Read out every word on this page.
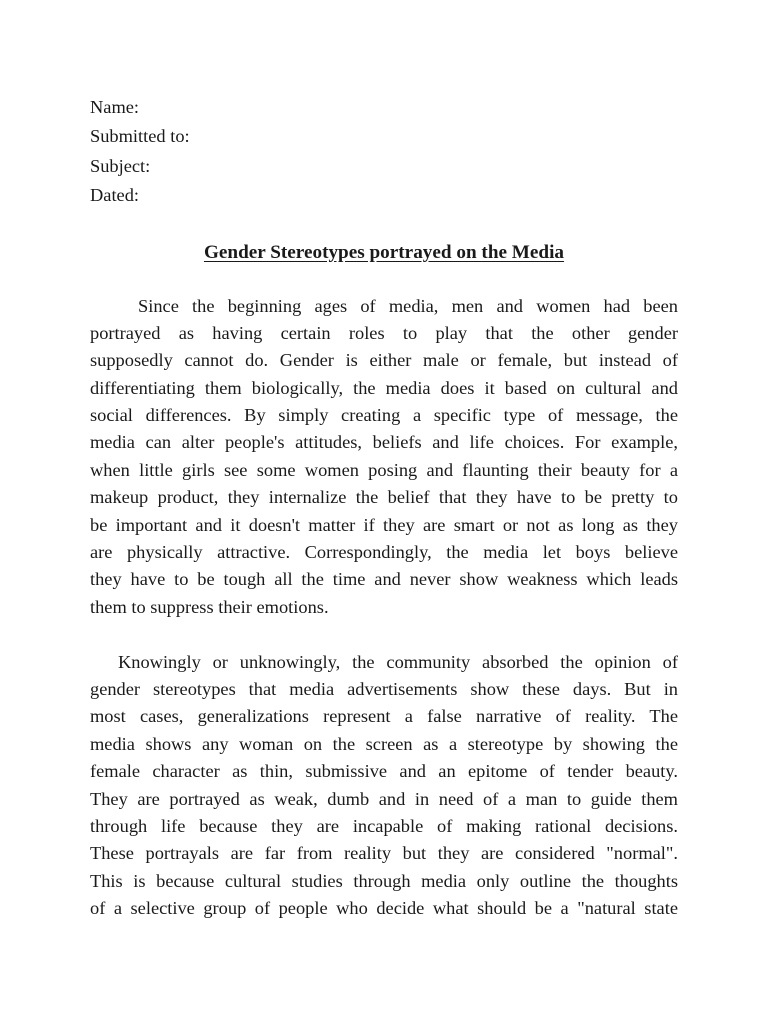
Name:
Submitted to:
Subject:
Dated:
Gender Stereotypes portrayed on the Media
Since the beginning ages of media, men and women had been
portrayed as having certain roles to play that the other gender
supposedly cannot do. Gender is either male or female, but instead of
differentiating them biologically, the media does it based on cultural and
social differences. By simply creating a specific type of message, the
media can alter people's attitudes, beliefs and life choices. For example,
when little girls see some women posing and flaunting their beauty for a
makeup product, they internalize the belief that they have to be pretty to
be important and it doesn't matter if they are smart or not as long as they
are physically attractive. Correspondingly, the media let boys believe
they have to be tough all the time and never show weakness which leads
them to suppress their emotions.
Knowingly or unknowingly, the community absorbed the opinion of
gender stereotypes that media advertisements show these days. But in
most cases, generalizations represent a false narrative of reality. The
media shows any woman on the screen as a stereotype by showing the
female character as thin, submissive and an epitome of tender beauty.
They are portrayed as weak, dumb and in need of a man to guide them
through life because they are incapable of making rational decisions.
These portrayals are far from reality but they are considered "normal".
This is because cultural studies through media only outline the thoughts
of a selective group of people who decide what should be a "natural state
